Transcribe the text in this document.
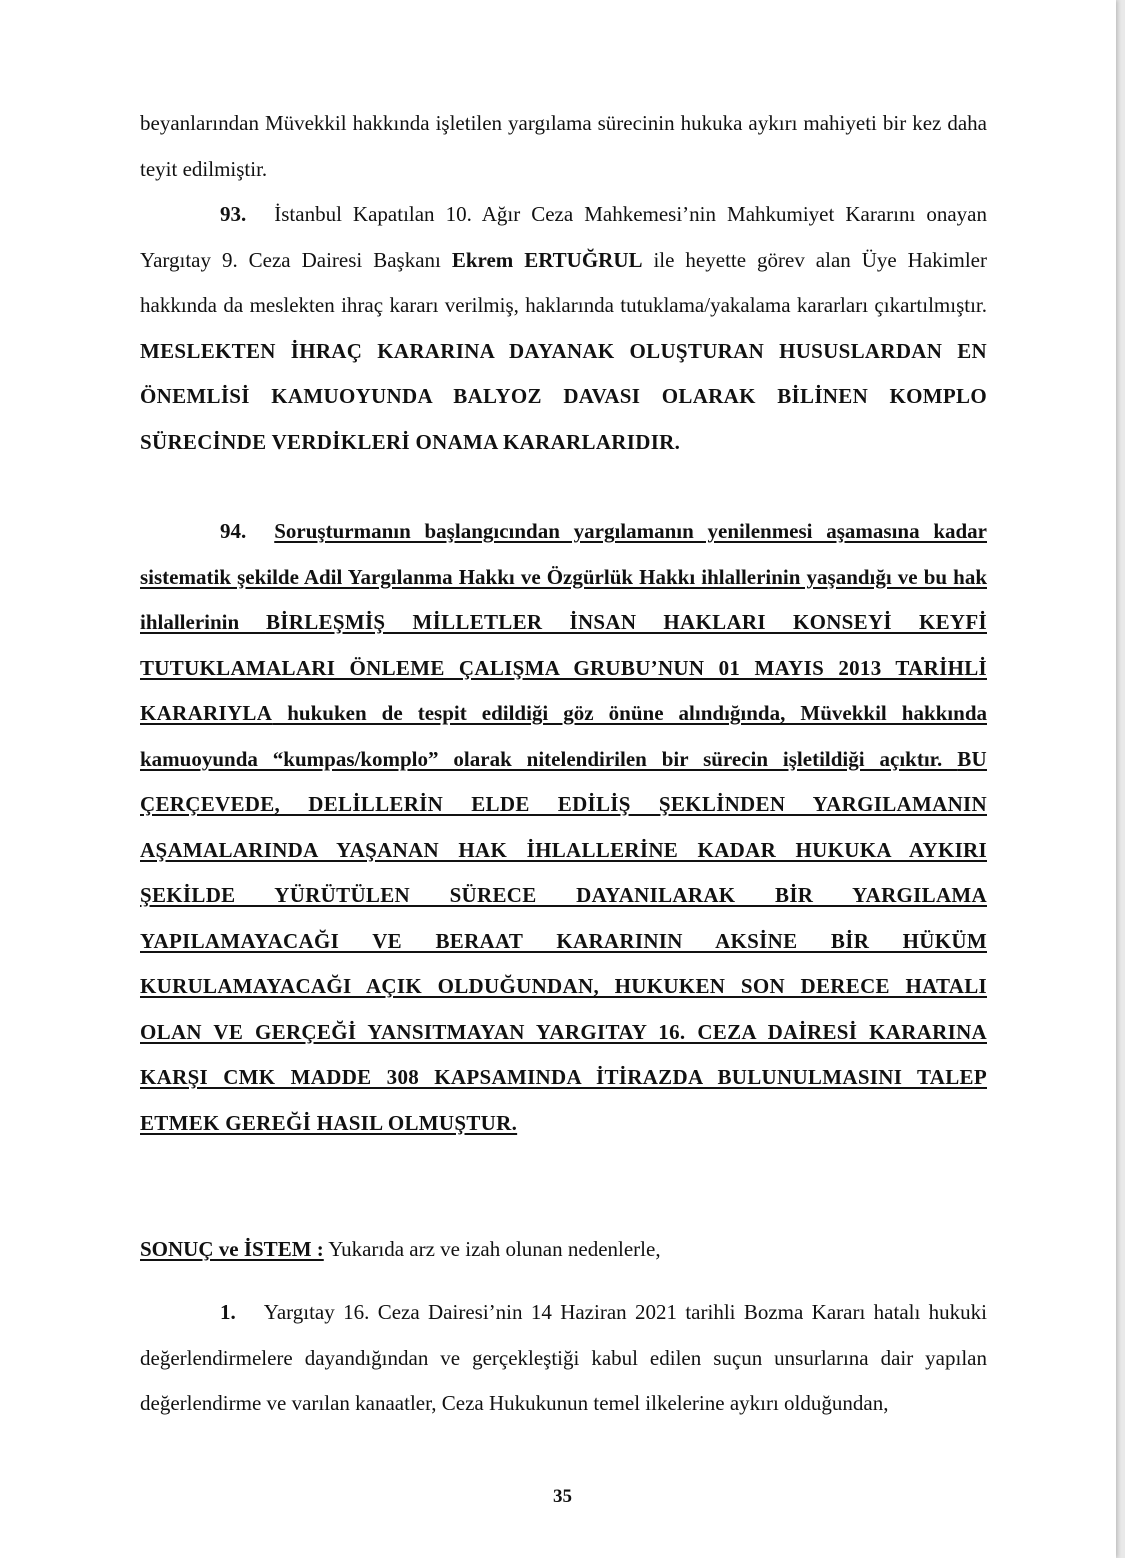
beyanlarından Müvekkil hakkında işletilen yargılama sürecinin hukuka aykırı mahiyeti bir kez daha teyit edilmiştir.

93. İstanbul Kapatılan 10. Ağır Ceza Mahkemesi’nin Mahkumiyet Kararını onayan Yargıtay 9. Ceza Dairesi Başkanı Ekrem ERTUĞRUL ile heyette görev alan Üye Hakimler hakkında da meslekten ihraç kararı verilmiş, haklarında tutuklama/yakalama kararları çıkartılmıştır. MESLEKTEN İHRAÇ KARARINA DAYANAK OLUŞTURAN HUSUSLARDAN EN ÖNEMLİSİ KAMUOYUNDA BALYOZ DAVASI OLARAK BİLİNEN KOMPLO SÜRECİNDE VERDİKLERİ ONAMA KARARLARIDIR.

94. Soruşturmanın başlangıcından yargılamanın yenilenmesi aşamasına kadar sistematik şekilde Adil Yargılanma Hakkı ve Özgürlük Hakkı ihlallerinin yaşandığı ve bu hak ihlallerinin BİRLEŞMİŞ MİLLETLER İNSAN HAKLARI KONSEYİ KEYFİ TUTUKLAMALARI ÖNLEME ÇALIŞMA GRUBU’NUN 01 MAYIS 2013 TARİHLİ KARARIYLA hukuken de tespit edildiği göz önüne alındığında, Müvekkil hakkında kamuoyunda “kumpas/komplo” olarak nitelendirilen bir sürecin işletildiği açıktır. BU ÇERÇEVEDE, DELİLLERİN ELDE EDİLİŞ ŞEKLİNDEN YARGILAMANIN AŞAMALARINDA YAŞANAN HAK İHLALLERİNE KADAR HUKUKA AYKIRI ŞEKİLDE YÜRÜTÜLEN SÜRECE DAYANILARAK BİR YARGILAMA YAPILAMAYACAĞI VE BERAAT KARARININ AKSİNE BİR HÜKÜM KURULAMAYACAĞI AÇIK OLDUĞUNDAN, HUKUKEN SON DERECE HATALI OLAN VE GERÇEĞİ YANSITMAYAN YARGITAY 16. CEZA DAİRESİ KARARINA KARŞI CMK MADDE 308 KAPSAMINDA İTİRAZDA BULUNULMASINI TALEP ETMEK GEREĞİ HASIL OLMUŞTUR.

SONUÇ ve İSTEM : Yukarıda arz ve izah olunan nedenlerle,

1. Yargıtay 16. Ceza Dairesi’nin 14 Haziran 2021 tarihli Bozma Kararı hatalı hukuki değerlendirmelere dayandığından ve gerçekleştiği kabul edilen suçun unsurlarına dair yapılan değerlendirme ve varılan kanaatler, Ceza Hukukunun temel ilkelerine aykırı olduğundan,

35
